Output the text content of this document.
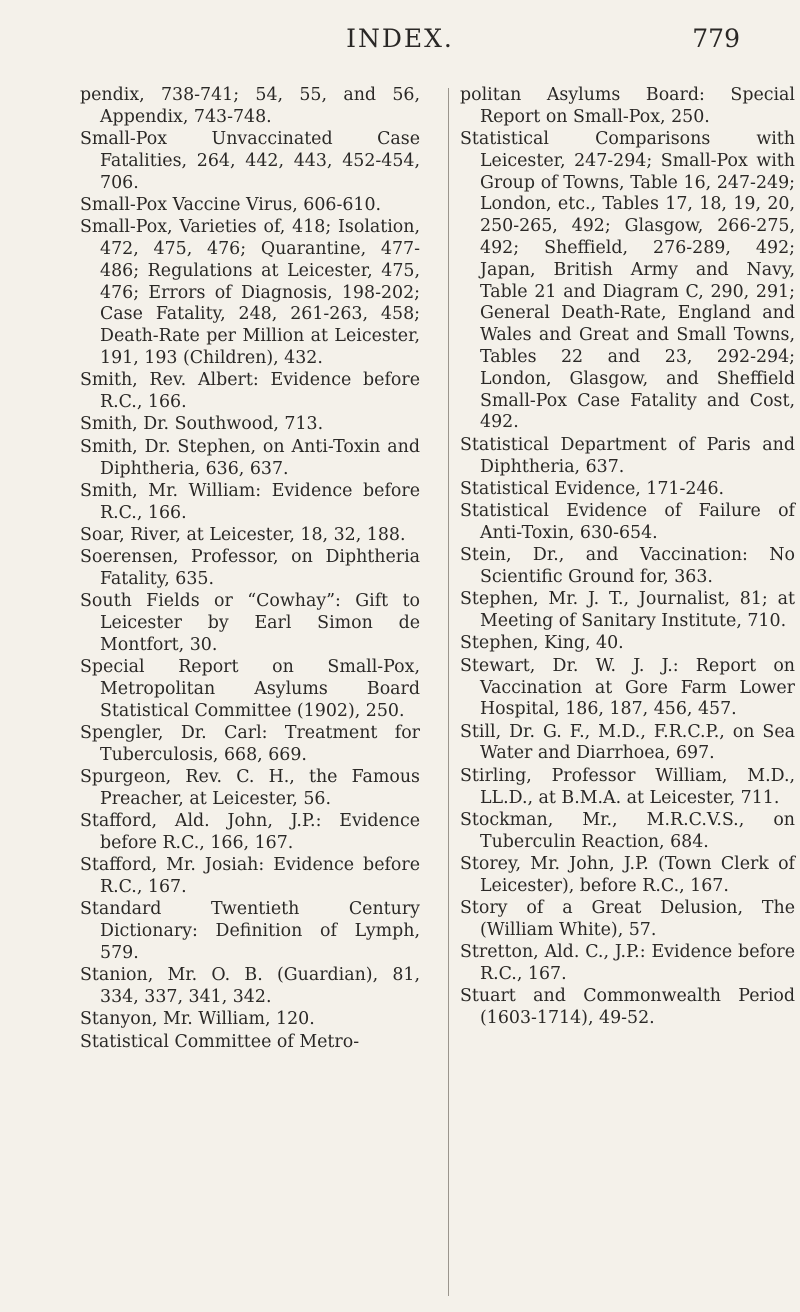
INDEX.	779

pendix, 738-741; 54, 55, and 56, Appendix, 743-748.

Small-Pox Unvaccinated Case Fatalities, 264, 442, 443, 452-454, 706.

Small-Pox Vaccine Virus, 606-610.

Small-Pox, Varieties of, 418; Isolation, 472, 475, 476; Quarantine, 477-486; Regulations at Leicester, 475, 476; Errors of Diagnosis, 198-202; Case Fatality, 248, 261-263, 458; Death-Rate per Million at Leicester, 191, 193 (Children), 432.

Smith, Rev. Albert: Evidence before R.C., 166.

Smith, Dr. Southwood, 713.

Smith, Dr. Stephen, on Anti-Toxin and Diphtheria, 636, 637.

Smith, Mr. William: Evidence before R.C., 166.

Soar, River, at Leicester, 18, 32, 188.

Soerensen, Professor, on Diphtheria Fatality, 635.

South Fields or “Cowhay”: Gift to Leicester by Earl Simon de Montfort, 30.

Special Report on Small-Pox, Metropolitan Asylums Board Statistical Committee (1902), 250.

Spengler, Dr. Carl: Treatment for Tuberculosis, 668, 669.

Spurgeon, Rev. C. H., the Famous Preacher, at Leicester, 56.

Stafford, Ald. John, J.P.: Evidence before R.C., 166, 167.

Stafford, Mr. Josiah: Evidence before R.C., 167.

Standard Twentieth Century Dictionary: Definition of Lymph, 579.

Stanion, Mr. O. B. (Guardian), 81, 334, 337, 341, 342.

Stanyon, Mr. William, 120.

Statistical Committee of Metro-

politan Asylums Board: Special Report on Small-Pox, 250.

Statistical Comparisons with Leicester, 247-294; Small-Pox with Group of Towns, Table 16, 247-249; London, etc., Tables 17, 18, 19, 20, 250-265, 492; Glasgow, 266-275, 492; Sheffield, 276-289, 492; Japan, British Army and Navy, Table 21 and Diagram C, 290, 291; General Death-Rate, England and Wales and Great and Small Towns, Tables 22 and 23, 292-294; London, Glasgow, and Sheffield Small-Pox Case Fatality and Cost, 492.

Statistical Department of Paris and Diphtheria, 637.

Statistical Evidence, 171-246.

Statistical Evidence of Failure of Anti-Toxin, 630-654.

Stein, Dr., and Vaccination: No Scientific Ground for, 363.

Stephen, Mr. J. T., Journalist, 81; at Meeting of Sanitary Institute, 710.

Stephen, King, 40.

Stewart, Dr. W. J. J.: Report on Vaccination at Gore Farm Lower Hospital, 186, 187, 456, 457.

Still, Dr. G. F., M.D., F.R.C.P., on Sea Water and Diarrhoea, 697.

Stirling, Professor William, M.D., LL.D., at B.M.A. at Leicester, 711.

Stockman, Mr., M.R.C.V.S., on Tuberculin Reaction, 684.

Storey, Mr. John, J.P. (Town Clerk of Leicester), before R.C., 167.

Story of a Great Delusion, The (William White), 57.

Stretton, Ald. C., J.P.: Evidence before R.C., 167.

Stuart and Commonwealth Period (1603-1714), 49-52.
